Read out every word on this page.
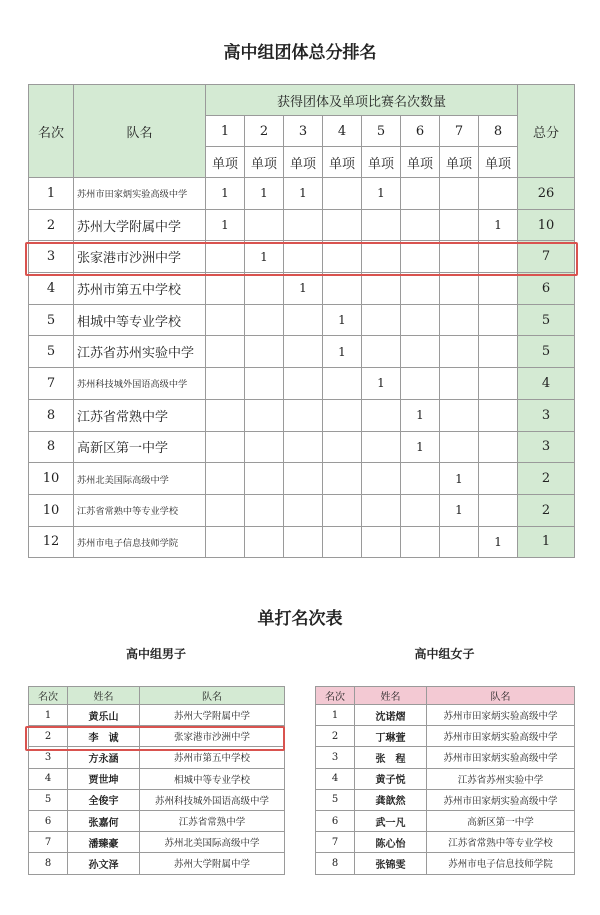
高中组团体总分排名
名次	队名	获得团体及单项比赛名次数量								总分
		1	2	3	4	5	6	7	8	
		单项	单项	单项	单项	单项	单项	单项	单项	
1	苏州市田家炳实验高级中学	1	1	1		1				26
2	苏州大学附属中学	1							1	10
3	张家港市沙洲中学		1							7
4	苏州市第五中学校			1						6
5	相城中等专业学校				1					5
5	江苏省苏州实验中学				1					5
7	苏州科技城外国语高级中学					1				4
8	江苏省常熟中学						1			3
8	高新区第一中学						1			3
10	苏州北美国际高级中学							1		2
10	江苏省常熟中等专业学校							1		2
12	苏州市电子信息技师学院								1	1
单打名次表
高中组男子	高中组女子
名次	姓名	队名
1	黄乐山	苏州大学附属中学
2	李　诚	张家港市沙洲中学
3	方永涵	苏州市第五中学校
4	贾世坤	相城中等专业学校
5	全俊宇	苏州科技城外国语高级中学
6	张嘉何	江苏省常熟中学
7	潘臻豪	苏州北美国际高级中学
8	孙文泽	苏州大学附属中学
名次	姓名	队名
1	沈诺熠	苏州市田家炳实验高级中学
2	丁琳萱	苏州市田家炳实验高级中学
3	张　程	苏州市田家炳实验高级中学
4	黄子悦	江苏省苏州实验中学
5	龚歆然	苏州市田家炳实验高级中学
6	武一凡	高新区第一中学
7	陈心怡	江苏省常熟中等专业学校
8	张锦雯	苏州市电子信息技师学院
